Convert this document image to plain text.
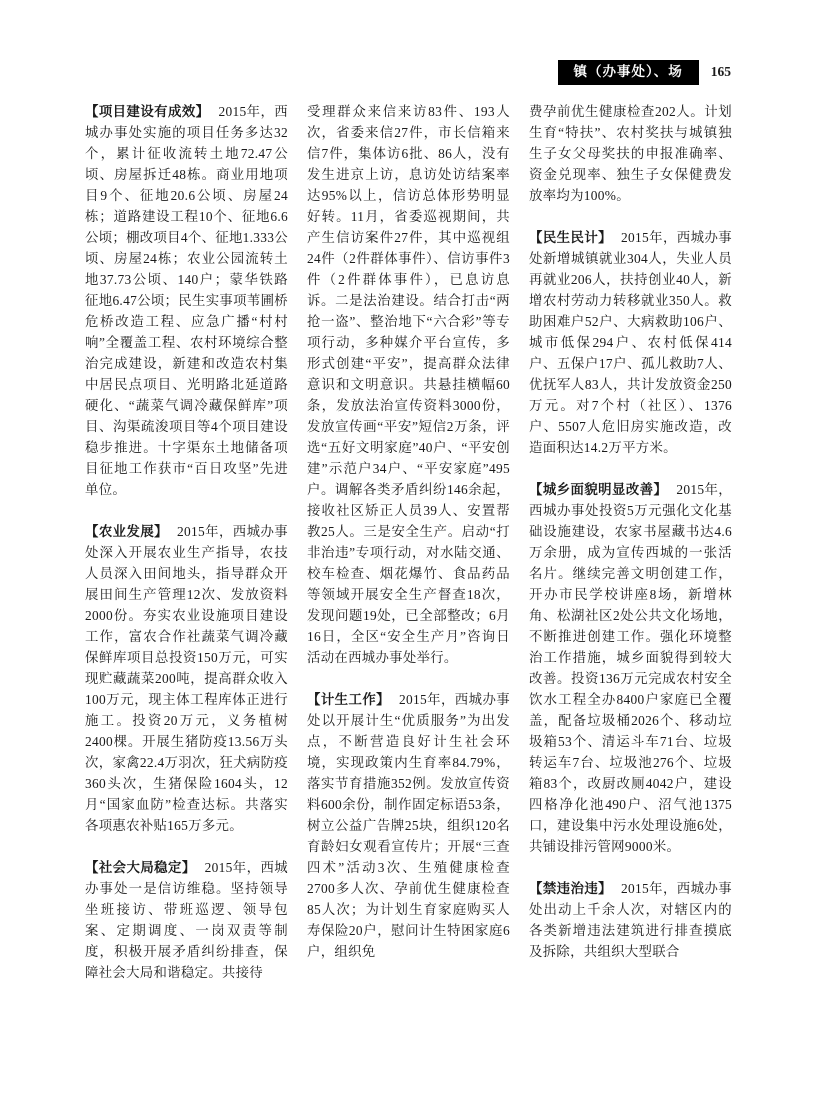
镇（办事处）、场	165

【项目建设有成效】 2015年，西城办事处实施的项目任务多达32个，累计征收流转土地72.47公顷、房屋拆迁48栋。商业用地项目9个、征地20.6公顷、房屋24栋；道路建设工程10个、征地6.6公顷；棚改项目4个、征地1.333公顷、房屋24栋；农业公园流转土地37.73公顷、140户；蒙华铁路征地6.47公顷；民生实事项苇圃桥危桥改造工程、应急广播“村村响”全覆盖工程、农村环境综合整治完成建设，新建和改造农村集中居民点项目、光明路北延道路硬化、“蔬菜气调冷藏保鲜库”项目、沟渠疏浚项目等4个项目建设稳步推进。十字渠东土地储备项目征地工作获市“百日攻坚”先进单位。

【农业发展】 2015年，西城办事处深入开展农业生产指导，农技人员深入田间地头，指导群众开展田间生产管理12次、发放资料2000份。夯实农业设施项目建设工作，富农合作社蔬菜气调冷藏保鲜库项目总投资150万元，可实现贮藏蔬菜200吨，提高群众收入100万元，现主体工程库体正进行施工。投资20万元，义务植树2400棵。开展生猪防疫13.56万头次，家禽22.4万羽次，狂犬病防疫360头次，生猪保险1604头，12月“国家血防”检查达标。共落实各项惠农补贴165万多元。

【社会大局稳定】 2015年，西城办事处一是信访维稳。坚持领导坐班接访、带班巡逻、领导包案、定期调度、一岗双责等制度，积极开展矛盾纠纷排查，保障社会大局和谐稳定。共接待

受理群众来信来访83件、193人次，省委来信27件，市长信箱来信7件，集体访6批、86人，没有发生进京上访，息访处访结案率达95%以上，信访总体形势明显好转。11月，省委巡视期间，共产生信访案件27件，其中巡视组24件（2件群体事件）、信访事件3件（2件群体事件），已息访息诉。二是法治建设。结合打击“两抢一盗”、整治地下“六合彩”等专项行动，多种媒介平台宣传，多形式创建“平安”，提高群众法律意识和文明意识。共悬挂横幅60条，发放法治宣传资料3000份，发放宣传画“平安”短信2万条，评选“五好文明家庭”40户、“平安创建”示范户34户、“平安家庭”495户。调解各类矛盾纠纷146余起，接收社区矫正人员39人、安置帮教25人。三是安全生产。启动“打非治违”专项行动，对水陆交通、校车检查、烟花爆竹、食品药品等领域开展安全生产督查18次，发现问题19处，已全部整改；6月16日，全区“安全生产月”咨询日活动在西城办事处举行。

【计生工作】 2015年，西城办事处以开展计生“优质服务”为出发点，不断营造良好计生社会环境，实现政策内生育率84.79%，落实节育措施352例。发放宣传资料600余份，制作固定标语53条，树立公益广告牌25块，组织120名育龄妇女观看宣传片；开展“三查四术”活动3次、生殖健康检查2700多人次、孕前优生健康检查85人次；为计划生育家庭购买人寿保险20户，慰问计生特困家庭6户，组织免

费孕前优生健康检查202人。计划生育“特扶”、农村奖扶与城镇独生子女父母奖扶的申报准确率、资金兑现率、独生子女保健费发放率均为100%。

【民生民计】 2015年，西城办事处新增城镇就业304人，失业人员再就业206人，扶持创业40人，新增农村劳动力转移就业350人。救助困难户52户、大病救助106户、城市低保294户、农村低保414户、五保户17户、孤儿救助7人、优抚军人83人，共计发放资金250万元。对7个村（社区）、1376户、5507人危旧房实施改造，改造面积达14.2万平方米。

【城乡面貌明显改善】 2015年，西城办事处投资5万元强化文化基础设施建设，农家书屋藏书达4.6万余册，成为宣传西城的一张活名片。继续完善文明创建工作，开办市民学校讲座8场，新增林角、松湖社区2处公共文化场地，不断推进创建工作。强化环境整治工作措施，城乡面貌得到较大改善。投资136万元完成农村安全饮水工程全办8400户家庭已全覆盖，配备垃圾桶2026个、移动垃圾箱53个、清运斗车71台、垃圾转运车7台、垃圾池276个、垃圾箱83个，改厨改厕4042户，建设四格净化池490户、沼气池1375口，建设集中污水处理设施6处，共铺设排污管网9000米。

【禁违治违】 2015年，西城办事处出动上千余人次，对辖区内的各类新增违法建筑进行排查摸底及拆除，共组织大型联合
